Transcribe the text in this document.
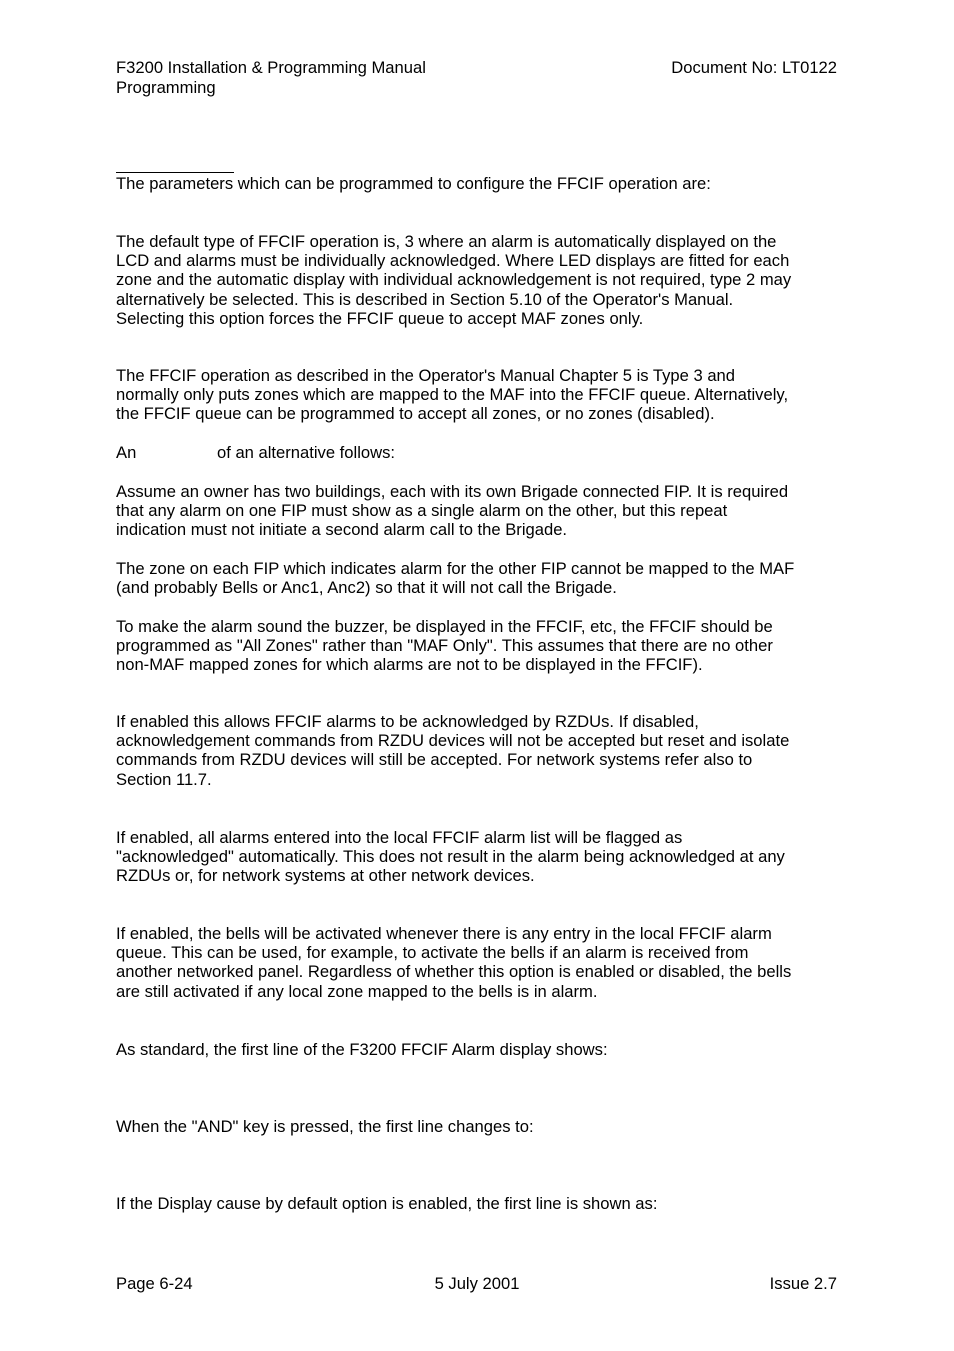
F3200 Installation & Programming Manual

Programming

Document No: LT0122

The parameters which can be programmed to configure the FFCIF operation are:

The default type of FFCIF operation is, 3 where an alarm is automatically displayed on the
LCD and alarms must be individually acknowledged. Where LED displays are fitted for each
zone and the automatic display with individual acknowledgement is not required, type 2 may
alternatively be selected. This is described in Section 5.10 of the Operator's Manual.
Selecting this option forces the FFCIF queue to accept MAF zones only.

The FFCIF operation as described in the Operator's Manual Chapter 5 is Type 3 and
normally only puts zones which are mapped to the MAF into the FFCIF queue. Alternatively,
the FFCIF queue can be programmed to accept all zones, or no zones (disabled).

An	of an alternative follows:

Assume an owner has two buildings, each with its own Brigade connected FIP. It is required
that any alarm on one FIP must show as a single alarm on the other, but this repeat
indication must not initiate a second alarm call to the Brigade.

The zone on each FIP which indicates alarm for the other FIP cannot be mapped to the MAF
(and probably Bells or Anc1, Anc2) so that it will not call the Brigade.

To make the alarm sound the buzzer, be displayed in the FFCIF, etc, the FFCIF should be
programmed as "All Zones" rather than "MAF Only". This assumes that there are no other
non-MAF mapped zones for which alarms are not to be displayed in the FFCIF).

If enabled this allows FFCIF alarms to be acknowledged by RZDUs. If disabled,
acknowledgement commands from RZDU devices will not be accepted but reset and isolate
commands from RZDU devices will still be accepted. For network systems refer also to
Section 11.7.

If enabled, all alarms entered into the local FFCIF alarm list will be flagged as
"acknowledged" automatically. This does not result in the alarm being acknowledged at any
RZDUs or, for network systems at other network devices.

If enabled, the bells will be activated whenever there is any entry in the local FFCIF alarm
queue. This can be used, for example, to activate the bells if an alarm is received from
another networked panel. Regardless of whether this option is enabled or disabled, the bells
are still activated if any local zone mapped to the bells is in alarm.

As standard, the first line of the F3200 FFCIF Alarm display shows:

When the "AND" key is pressed, the first line changes to:

If the Display cause by default option is enabled, the first line is shown as:

Page 6-24	5 July 2001	Issue 2.7
